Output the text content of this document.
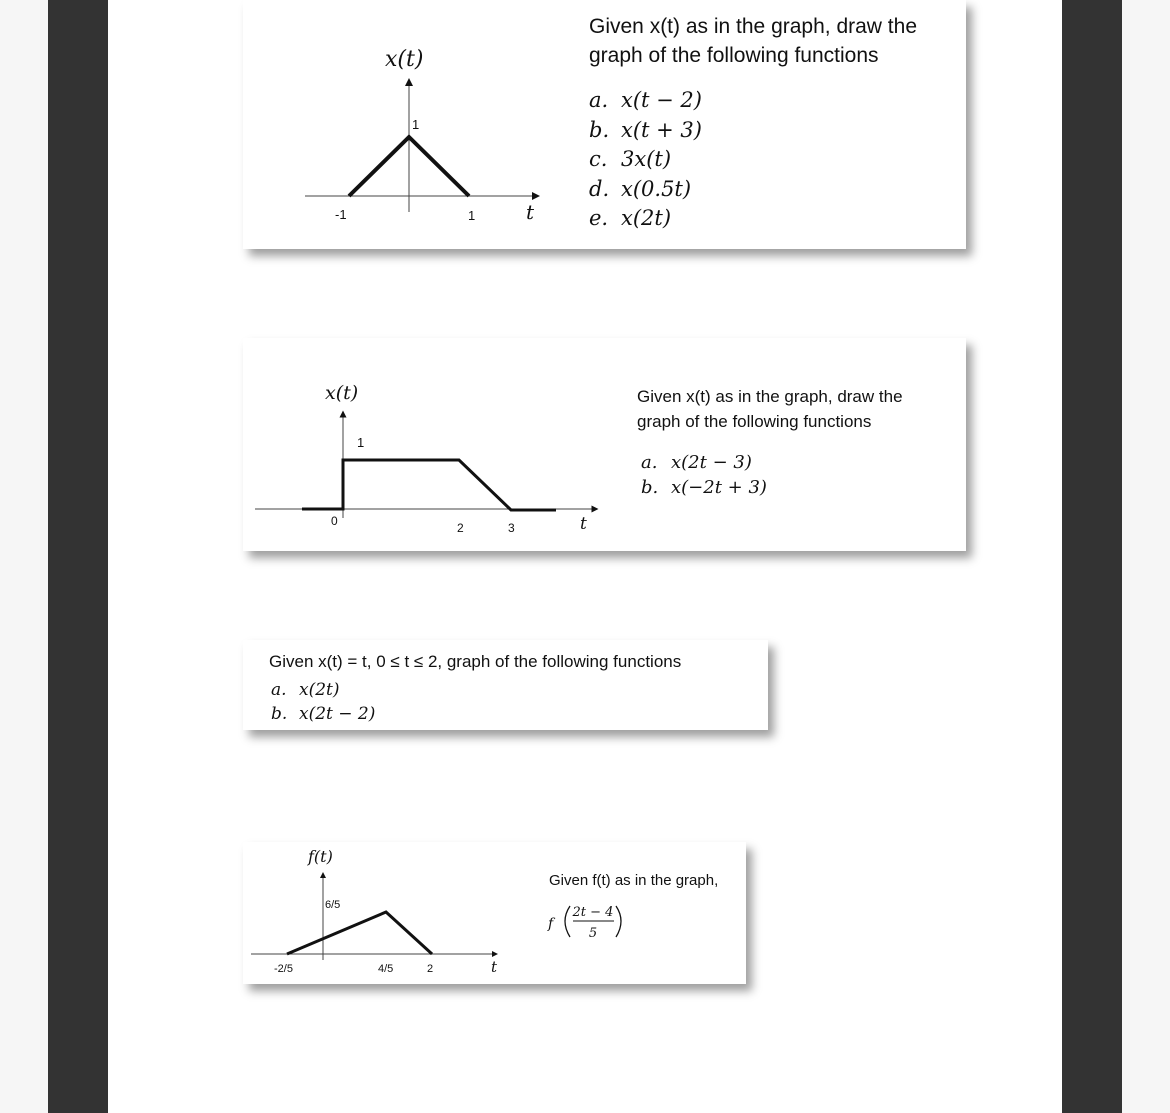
x(t)
1
-1	1	t
Given x(t) as in the graph, draw the
graph of the following functions
a. x(t − 2)
b. x(t + 3)
c. 3x(t)
d. x(0.5t)
e. x(2t)
x(t)
1
0	2	3	t
Given x(t) as in the graph, draw the
graph of the following functions
a. x(2t − 3)
b. x(−2t + 3)
Given x(t) = t, 0 ≤ t ≤ 2, graph of the following functions
a. x(2t)
b. x(2t − 2)
f(t)
6/5
-2/5	4/5	2	t
Given f(t) as in the graph,
f
2t − 4
5
